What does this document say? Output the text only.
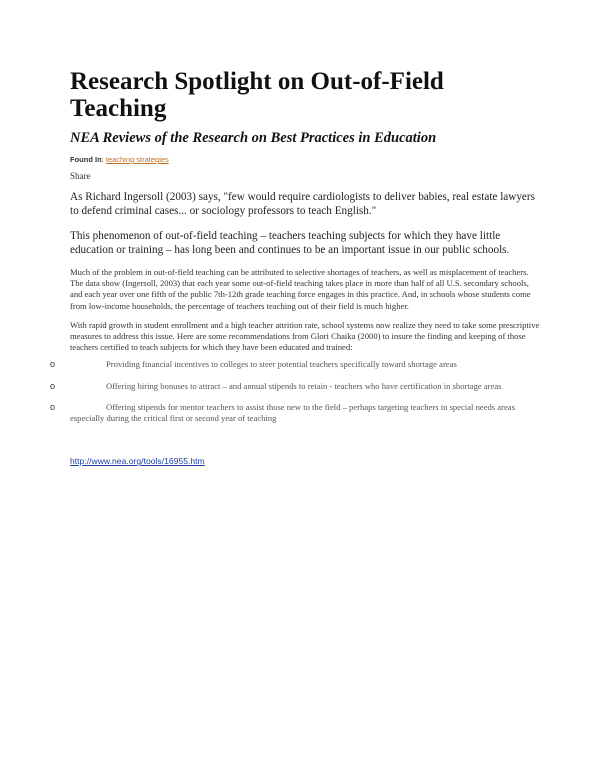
Research Spotlight on Out-of-Field Teaching
NEA Reviews of the Research on Best Practices in Education
Found In: teaching strategies
Share

As Richard Ingersoll (2003) says, "few would require cardiologists to deliver babies, real estate lawyers to defend criminal cases... or sociology professors to teach English."

This phenomenon of out-of-field teaching – teachers teaching subjects for which they have little education or training – has long been and continues to be an important issue in our public schools.

Much of the problem in out-of-field teaching can be attributed to selective shortages of teachers, as well as misplacement of teachers. The data show (Ingersoll, 2003) that each year some out-of-field teaching takes place in more than half of all U.S. secondary schools, and each year over one fifth of the public 7th-12th grade teaching force engages in this practice. And, in schools whose students come from low-income households, the percentage of teachers teaching out of their field is much higher.

With rapid growth in student enrollment and a high teacher attrition rate, school systems now realize they need to take some prescriptive measures to address this issue. Here are some recommendations from Glori Chaika (2000) to insure the finding and keeping of those teachers certified to teach subjects for which they have been educated and trained:

o	Providing financial incentives to colleges to steer potential teachers specifically toward shortage areas
o	Offering hiring bonuses to attract – and annual stipends to retain - teachers who have certification in shortage areas
o	Offering stipends for mentor teachers to assist those new to the field – perhaps targeting teachers in special needs areas especially during the critical first or second year of teaching
http://www.nea.org/tools/16955.htm
